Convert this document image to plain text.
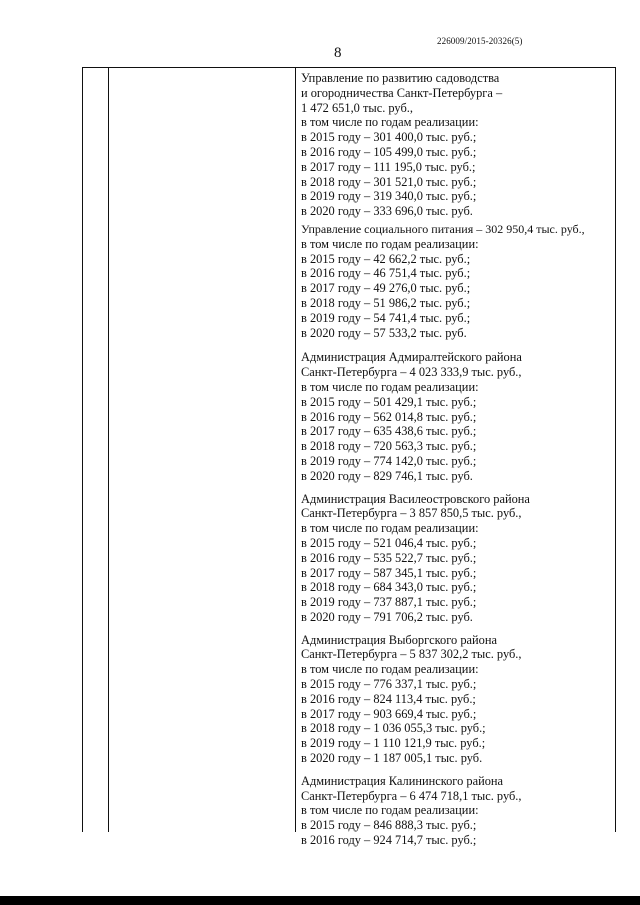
226009/2015-20326(5)
8
Управление по развитию садоводства
и огородничества Санкт-Петербурга –
1 472 651,0 тыс. руб.,
в том числе по годам реализации:
в 2015 году – 301 400,0 тыс. руб.;
в 2016 году – 105 499,0 тыс. руб.;
в 2017 году – 111 195,0 тыс. руб.;
в 2018 году – 301 521,0 тыс. руб.;
в 2019 году – 319 340,0 тыс. руб.;
в 2020 году – 333 696,0 тыс. руб.
Управление социального питания – 302 950,4 тыс. руб.,
в том числе по годам реализации:
в 2015 году – 42 662,2 тыс. руб.;
в 2016 году – 46 751,4 тыс. руб.;
в 2017 году – 49 276,0 тыс. руб.;
в 2018 году – 51 986,2 тыс. руб.;
в 2019 году – 54 741,4 тыс. руб.;
в 2020 году – 57 533,2 тыс. руб.
Администрация Адмиралтейского района
Санкт-Петербурга – 4 023 333,9 тыс. руб.,
в том числе по годам реализации:
в 2015 году – 501 429,1 тыс. руб.;
в 2016 году – 562 014,8 тыс. руб.;
в 2017 году – 635 438,6 тыс. руб.;
в 2018 году – 720 563,3 тыс. руб.;
в 2019 году – 774 142,0 тыс. руб.;
в 2020 году – 829 746,1 тыс. руб.
Администрация Василеостровского района
Санкт-Петербурга – 3 857 850,5 тыс. руб.,
в том числе по годам реализации:
в 2015 году – 521 046,4 тыс. руб.;
в 2016 году – 535 522,7 тыс. руб.;
в 2017 году – 587 345,1 тыс. руб.;
в 2018 году – 684 343,0 тыс. руб.;
в 2019 году – 737 887,1 тыс. руб.;
в 2020 году – 791 706,2 тыс. руб.
Администрация Выборгского района
Санкт-Петербурга – 5 837 302,2 тыс. руб.,
в том числе по годам реализации:
в 2015 году – 776 337,1 тыс. руб.;
в 2016 году – 824 113,4 тыс. руб.;
в 2017 году – 903 669,4 тыс. руб.;
в 2018 году – 1 036 055,3 тыс. руб.;
в 2019 году – 1 110 121,9 тыс. руб.;
в 2020 году – 1 187 005,1 тыс. руб.
Администрация Калининского района
Санкт-Петербурга – 6 474 718,1 тыс. руб.,
в том числе по годам реализации:
в 2015 году – 846 888,3 тыс. руб.;
в 2016 году – 924 714,7 тыс. руб.;
